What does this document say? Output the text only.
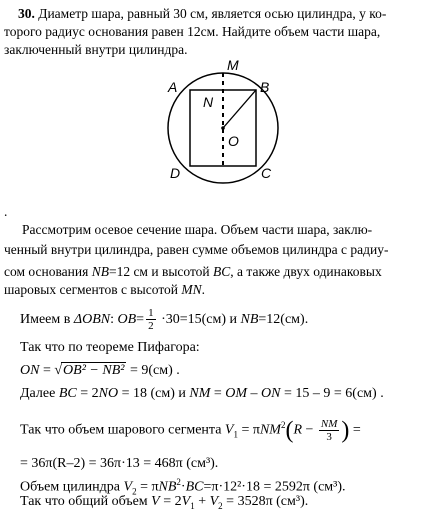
30. Диаметр шара, равный 30 см, является осью цилиндра, у ко-
торого радиус основания равен 12см. Найдите объем части шара,
заключенный внутри цилиндра.
A
M
B
N
O
D	C
.
Рассмотрим осевое сечение шара. Объем части шара, заклю-
ченный внутри цилиндра, равен сумме объемов цилиндра с радиу-
сом основания NB=12 см и высотой BC, а также двух одинаковых
шаровых сегментов с высотой MN.
Имеем в ΔOBN: $OB= \frac{1}{2} \cdot 30=15(см)$ и NB=12(см).
Так что по теореме Пифагора:
ON = √OB² − NB² = 9(см) .
Далее BC = 2NO = 18 (см) и NM = OM – ON = 15 – 9 = 6(см) .
Так что объем шарового сегмента $V_1 = \pi NM^2(R - \frac{NM}{3}$ ) =
= 36π(R–2) = 36π·13 = 468π (см³).
Объем цилиндра $V_2 = \pi NB^2\cdot BC=\pi\cdot 12^2\cdot 18 = 2592\pi$ (см³).
Так что общий объем $V = 2V_1 + V_2 = 3528\pi$ (см³).
